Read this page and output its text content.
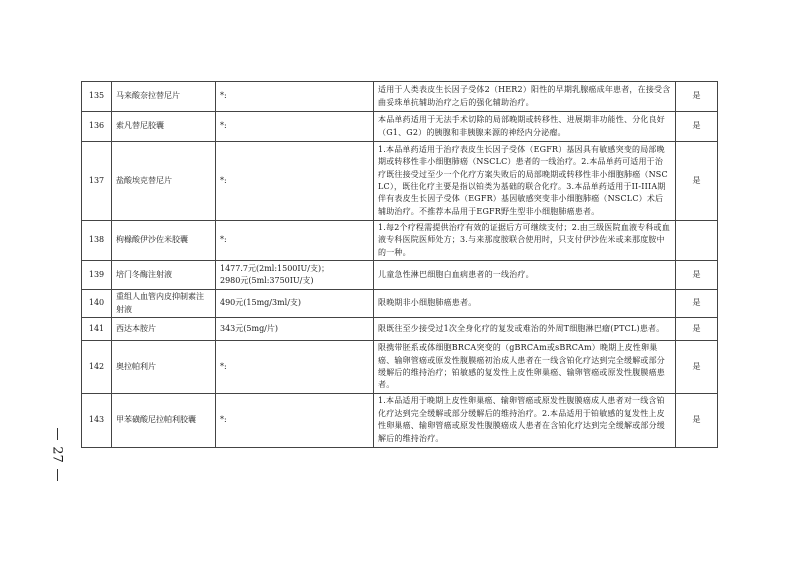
27
135	马来酸奈拉替尼片	*:	适用于人类表皮生长因子受体2（HER2）阳性的早期乳腺癌成年患者，在接受含曲妥珠单抗辅助治疗之后的强化辅助治疗。	是
136	索凡替尼胶囊	*:	本品单药适用于无法手术切除的局部晚期或转移性、进展期非功能性、分化良好（G1、G2）的胰腺和非胰腺来源的神经内分泌瘤。	是
137	盐酸埃克替尼片	*:	1.本品单药适用于治疗表皮生长因子受体（EGFR）基因具有敏感突变的局部晚期或转移性非小细胞肺癌（NSCLC）患者的一线治疗。2.本品单药可适用于治疗既往接受过至少一个化疗方案失败后的局部晚期或转移性非小细胞肺癌（NSCLC），既往化疗主要是指以铂类为基础的联合化疗。3.本品单药适用于II-IIIA期伴有表皮生长因子受体（EGFR）基因敏感突变非小细胞肺癌（NSCLC）术后辅助治疗。不推荐本品用于EGFR野生型非小细胞肺癌患者。	是
138	枸橼酸伊沙佐米胶囊	*:	1.每2个疗程需提供治疗有效的证据后方可继续支付；2.由三级医院血液专科或血液专科医院医师处方；3.与来那度胺联合使用时，只支付伊沙佐米或来那度胺中的一种。	
139	培门冬酶注射液	1477.7元(2ml:1500IU/支)；
2980元(5ml:3750IU/支)	儿童急性淋巴细胞白血病患者的一线治疗。	是
140	重组人血管内皮抑制素注射液	490元(15mg/3ml/支)	限晚期非小细胞肺癌患者。	是
141	西达本胺片	343元(5mg/片)	限既往至少接受过1次全身化疗的复发或难治的外周T细胞淋巴瘤(PTCL)患者。	是
142	奥拉帕利片	*:	限携带胚系或体细胞BRCA突变的（gBRCAm或sBRCAm）晚期上皮性卵巢癌、输卵管癌或原发性腹膜癌初治成人患者在一线含铂化疗达到完全缓解或部分缓解后的维持治疗；铂敏感的复发性上皮性卵巢癌、输卵管癌或原发性腹膜癌患者。	是
143	甲苯磺酸尼拉帕利胶囊	*:	1.本品适用于晚期上皮性卵巢癌、输卵管癌或原发性腹膜癌成人患者对一线含铂化疗达到完全缓解或部分缓解后的维持治疗。2.本品适用于铂敏感的复发性上皮性卵巢癌、输卵管癌或原发性腹膜癌成人患者在含铂化疗达到完全缓解或部分缓解后的维持治疗。	是
